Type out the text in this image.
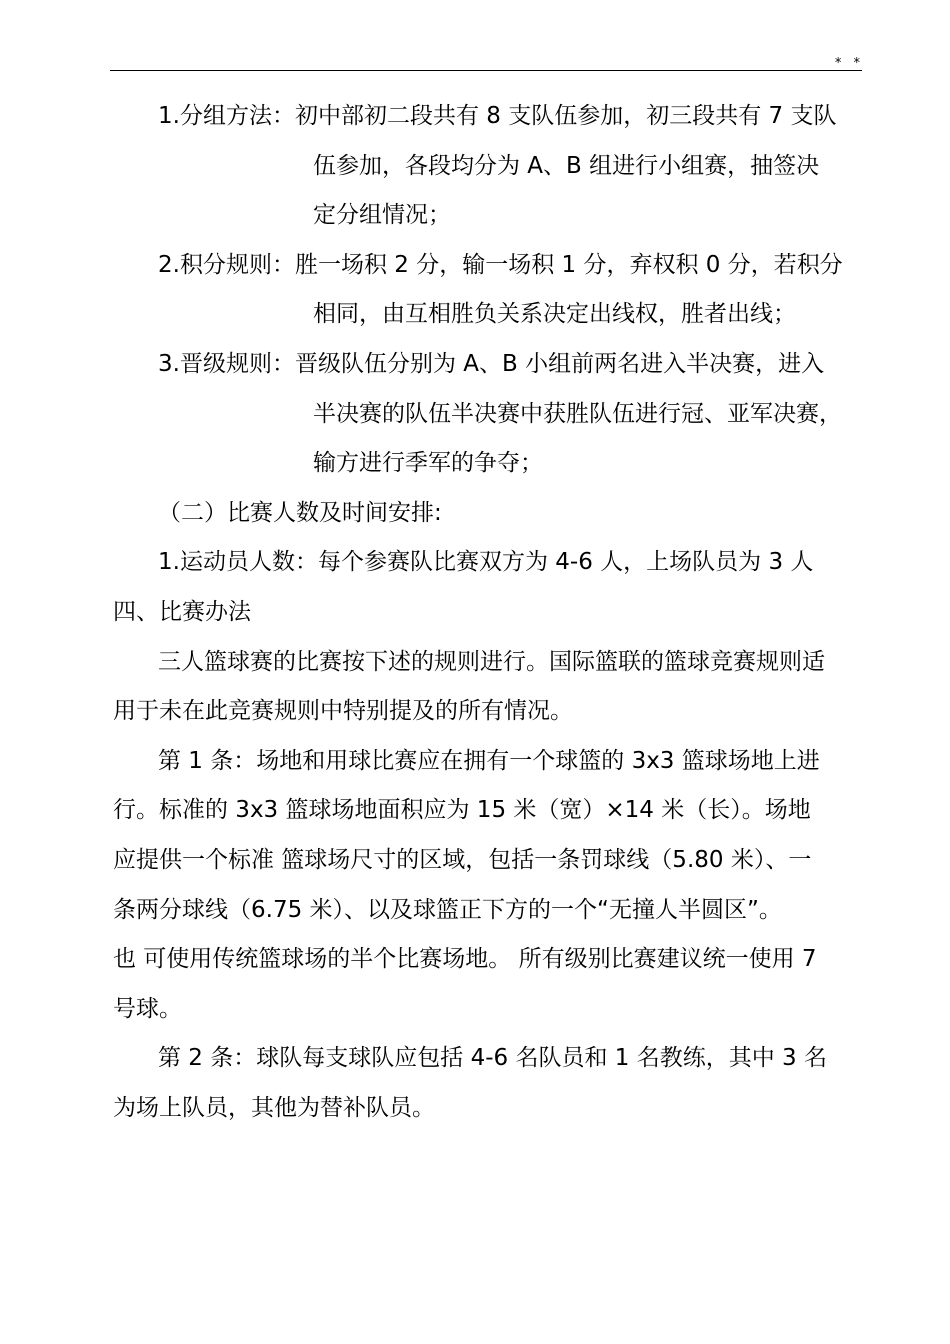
* *
1.分组方法：初中部初二段共有 8 支队伍参加，初三段共有 7 支队
伍参加，各段均分为 A、B 组进行小组赛，抽签决
定分组情况；
2.积分规则：胜一场积 2 分，输一场积 1 分，弃权积 0 分，若积分
相同，由互相胜负关系决定出线权，胜者出线；
3.晋级规则：晋级队伍分别为 A、B 小组前两名进入半决赛，进入
半决赛的队伍半决赛中获胜队伍进行冠、亚军决赛，
输方进行季军的争夺；
（二）比赛人数及时间安排:
1.运动员人数：每个参赛队比赛双方为 4-6 人，上场队员为 3 人
四、比赛办法
三人篮球赛的比赛按下述的规则进行。国际篮联的篮球竞赛规则适
用于未在此竞赛规则中特别提及的所有情况。
第 1 条：场地和用球比赛应在拥有一个球篮的 3x3 篮球场地上进
行。标准的 3x3 篮球场地面积应为 15 米（宽）×14 米（长）。场地
应提供一个标准 篮球场尺寸的区域，包括一条罚球线（5.80 米）、一
条两分球线（6.75 米）、以及球篮正下方的一个“无撞人半圆区”。
也 可使用传统篮球场的半个比赛场地。 所有级别比赛建议统一使用 7
号球。
第 2 条：球队每支球队应包括 4-6 名队员和 1 名教练，其中 3 名
为场上队员，其他为替补队员。
